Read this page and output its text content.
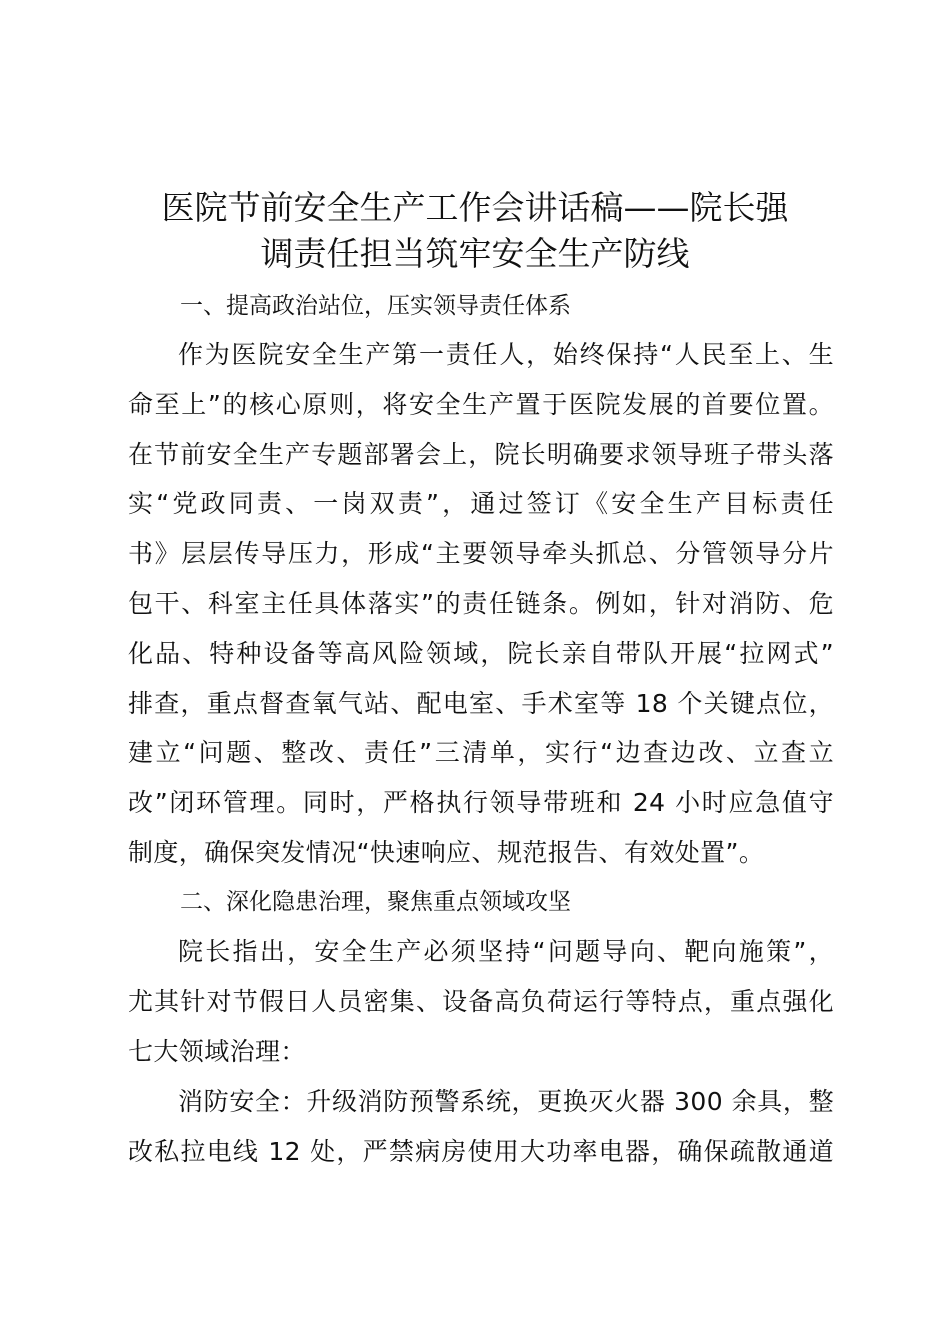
医院节前安全生产工作会讲话稿——院长强
调责任担当筑牢安全生产防线

一、提高政治站位，压实领导责任体系

作为医院安全生产第一责任人，始终保持“人民至上、生

命至上”的核心原则，将安全生产置于医院发展的首要位置。

在节前安全生产专题部署会上，院长明确要求领导班子带头落

实“党政同责、一岗双责”，通过签订《安全生产目标责任

书》层层传导压力，形成“主要领导牵头抓总、分管领导分片

包干、科室主任具体落实”的责任链条。例如，针对消防、危

化品、特种设备等高风险领域，院长亲自带队开展“拉网式”

排查，重点督查氧气站、配电室、手术室等 18 个关键点位，

建立“问题、整改、责任”三清单，实行“边查边改、立查立

改”闭环管理。同时，严格执行领导带班和 24 小时应急值守

制度，确保突发情况“快速响应、规范报告、有效处置”。

二、深化隐患治理，聚焦重点领域攻坚

院长指出，安全生产必须坚持“问题导向、靶向施策”，

尤其针对节假日人员密集、设备高负荷运行等特点，重点强化

七大领域治理：

消防安全：升级消防预警系统，更换灭火器 300 余具，整

改私拉电线 12 处，严禁病房使用大功率电器，确保疏散通道
